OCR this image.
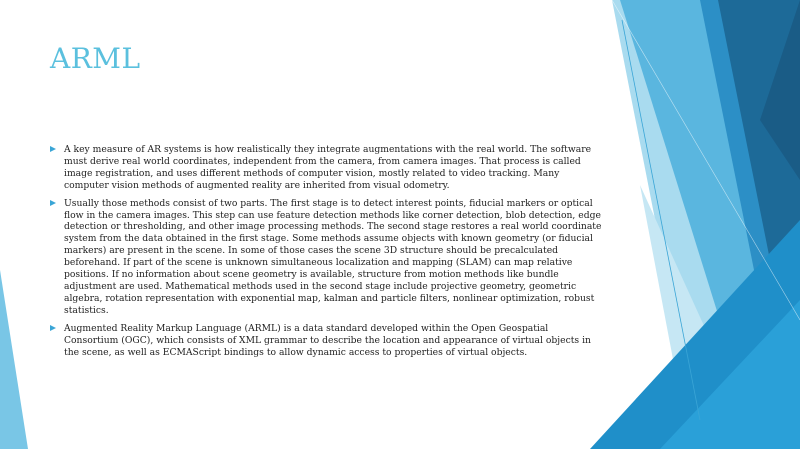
ARML
A key measure of AR systems is how realistically they integrate augmentations with the real world. The software must derive real world coordinates, independent from the camera, from camera images. That process is called image registration, and uses different methods of computer vision, mostly related to video tracking. Many computer vision methods of augmented reality are inherited from visual odometry.
Usually those methods consist of two parts. The first stage is to detect interest points, fiducial markers or optical flow in the camera images. This step can use feature detection methods like corner detection, blob detection, edge detection or thresholding, and other image processing methods. The second stage restores a real world coordinate system from the data obtained in the first stage. Some methods assume objects with known geometry (or fiducial markers) are present in the scene. In some of those cases the scene 3D structure should be precalculated beforehand. If part of the scene is unknown simultaneous localization and mapping (SLAM) can map relative positions. If no information about scene geometry is available, structure from motion methods like bundle adjustment are used. Mathematical methods used in the second stage include projective geometry, geometric algebra, rotation representation with exponential map, kalman and particle filters, nonlinear optimization, robust statistics.
Augmented Reality Markup Language (ARML) is a data standard developed within the Open Geospatial Consortium (OGC), which consists of XML grammar to describe the location and appearance of virtual objects in the scene, as well as ECMAScript bindings to allow dynamic access to properties of virtual objects.
